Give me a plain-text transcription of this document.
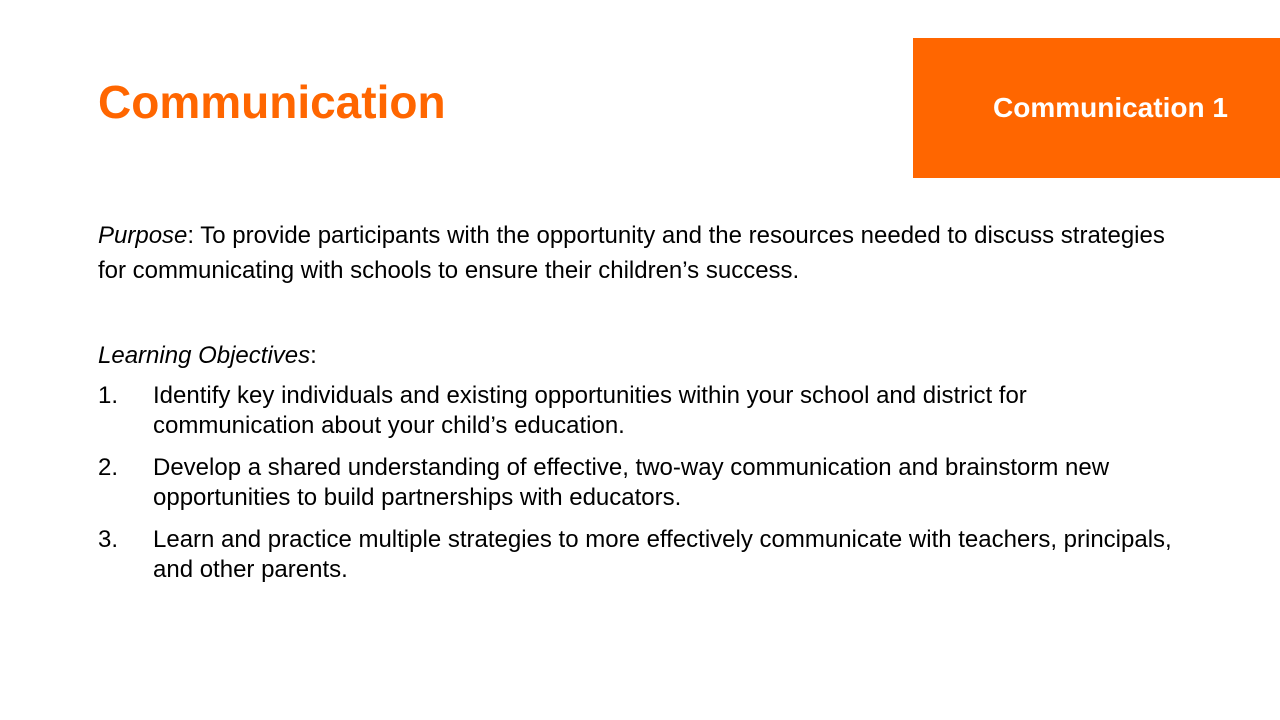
Communication	Communication 1

Purpose: To provide participants with the opportunity and the resources needed to discuss strategies for communicating with schools to ensure their children’s success.

Learning Objectives:

1. Identify key individuals and existing opportunities within your school and district for communication about your child’s education.
2. Develop a shared understanding of effective, two-way communication and brainstorm new opportunities to build partnerships with educators.
3. Learn and practice multiple strategies to more effectively communicate with teachers, principals, and other parents.
